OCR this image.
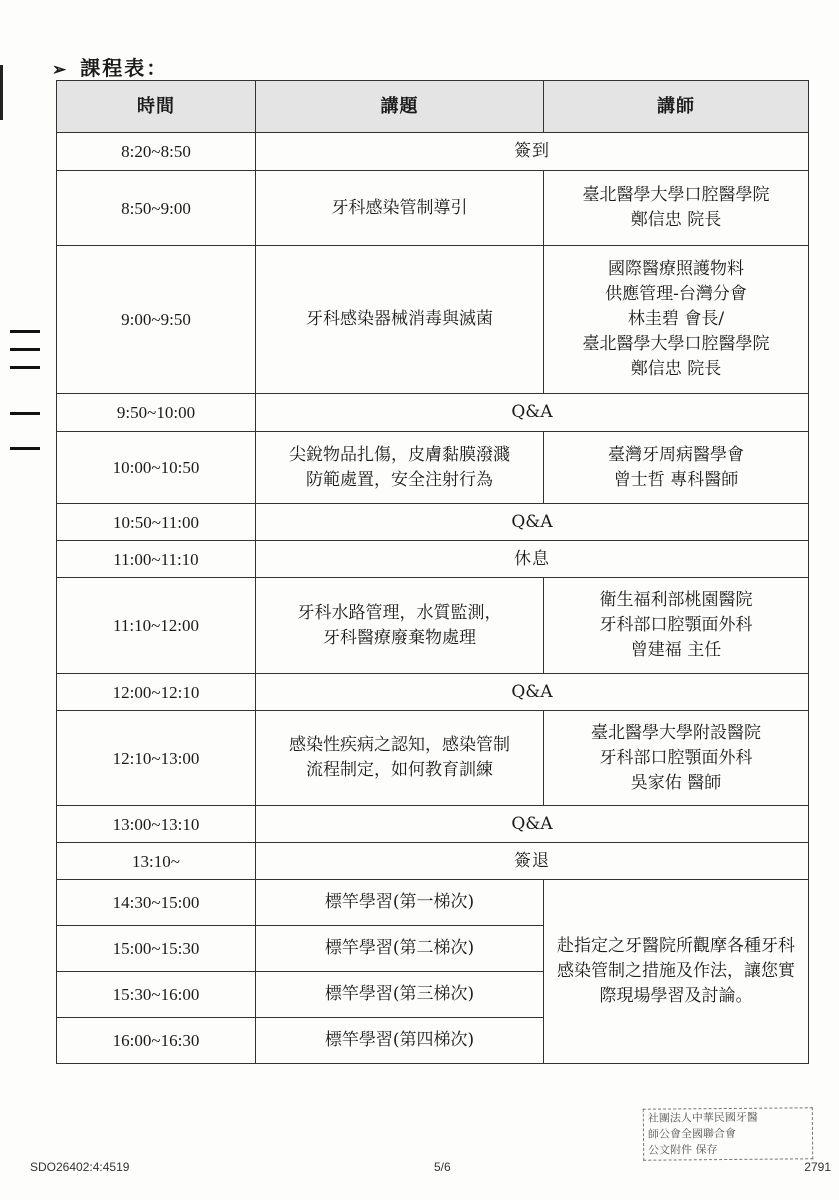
➢ 課程表：
時間	講題	講師
8:20~8:50	簽到	
8:50~9:00	牙科感染管制導引	臺北醫學大學口腔醫學院
鄭信忠 院長
9:00~9:50	牙科感染器械消毒與滅菌	國際醫療照護物料
供應管理-台灣分會
林圭碧 會長/
臺北醫學大學口腔醫學院
鄭信忠 院長
9:50~10:00	Q&A	
10:00~10:50	尖銳物品扎傷，皮膚黏膜潑濺
防範處置，安全注射行為	臺灣牙周病醫學會
曾士哲 專科醫師
10:50~11:00	Q&A	
11:00~11:10	休息	
11:10~12:00	牙科水路管理，水質監測，
牙科醫療廢棄物處理	衛生福利部桃園醫院
牙科部口腔顎面外科
曾建福 主任
12:00~12:10	Q&A	
12:10~13:00	感染性疾病之認知，感染管制
流程制定，如何教育訓練	臺北醫學大學附設醫院
牙科部口腔顎面外科
吳家佑 醫師
13:00~13:10	Q&A	
13:10~	簽退	
14:30~15:00	標竿學習(第一梯次)	赴指定之牙醫院所觀摩各種牙科感染管制之措施及作法，讓您實際現場學習及討論。
15:00~15:30	標竿學習(第二梯次)	
15:30~16:00	標竿學習(第三梯次)	
16:00~16:30	標竿學習(第四梯次)	
社團法人中華民國牙醫
師公會全國聯合會
公文附件 保存
SDO26402:4:4519	5/6	2791
